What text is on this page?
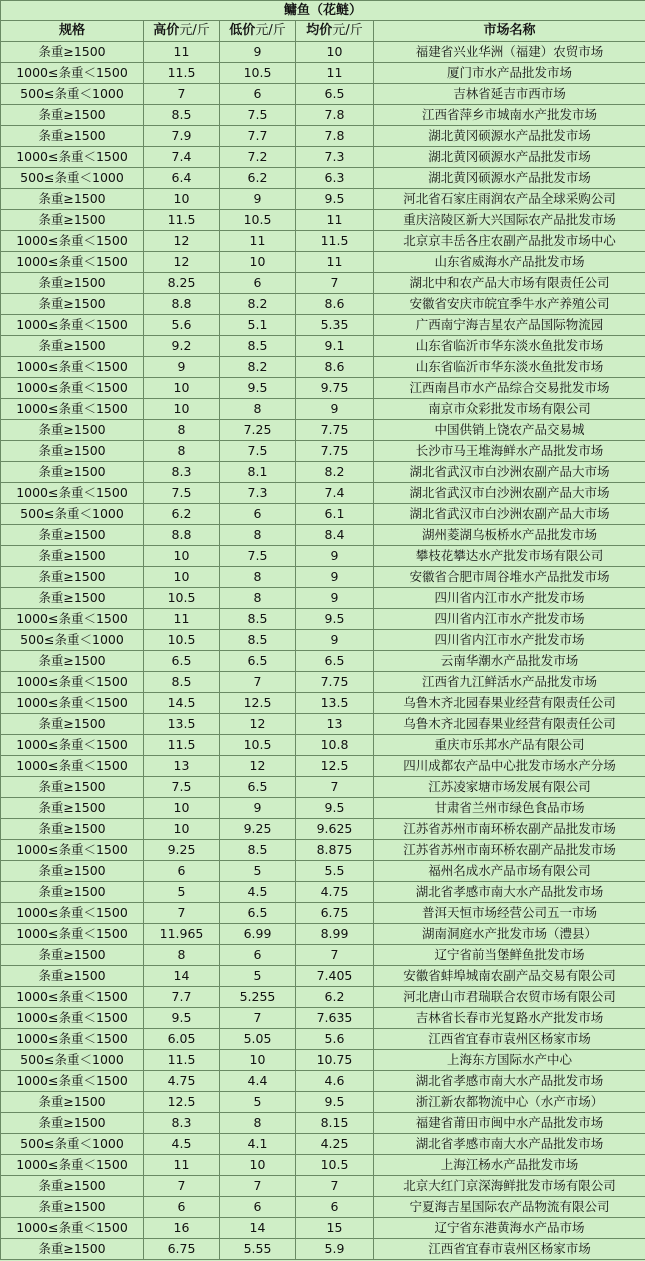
鳙鱼（花鲢）				
规格	高价元/斤	低价元/斤	均价元/斤	市场名称
条重≥1500	11	9	10	福建省兴业华洲（福建）农贸市场
1000≤条重＜1500	11.5	10.5	11	厦门市水产品批发市场
500≤条重＜1000	7	6	6.5	吉林省延吉市西市场
条重≥1500	8.5	7.5	7.8	江西省萍乡市城南水产批发市场
条重≥1500	7.9	7.7	7.8	湖北黄冈硕源水产品批发市场
1000≤条重＜1500	7.4	7.2	7.3	湖北黄冈硕源水产品批发市场
500≤条重＜1000	6.4	6.2	6.3	湖北黄冈硕源水产品批发市场
条重≥1500	10	9	9.5	河北省石家庄雨润农产品全球采购公司
条重≥1500	11.5	10.5	11	重庆涪陵区新大兴国际农产品批发市场
1000≤条重＜1500	12	11	11.5	北京京丰岳各庄农副产品批发市场中心
1000≤条重＜1500	12	10	11	山东省威海水产品批发市场
条重≥1500	8.25	6	7	湖北中和农产品大市场有限责任公司
条重≥1500	8.8	8.2	8.6	安徽省安庆市皖宜季牛水产养殖公司
1000≤条重＜1500	5.6	5.1	5.35	广西南宁海吉星农产品国际物流园
条重≥1500	9.2	8.5	9.1	山东省临沂市华东淡水鱼批发市场
1000≤条重＜1500	9	8.2	8.6	山东省临沂市华东淡水鱼批发市场
1000≤条重＜1500	10	9.5	9.75	江西南昌市水产品综合交易批发市场
1000≤条重＜1500	10	8	9	南京市众彩批发市场有限公司
条重≥1500	8	7.25	7.75	中国供销上饶农产品交易城
条重≥1500	8	7.5	7.75	长沙市马王堆海鲜水产品批发市场
条重≥1500	8.3	8.1	8.2	湖北省武汉市白沙洲农副产品大市场
1000≤条重＜1500	7.5	7.3	7.4	湖北省武汉市白沙洲农副产品大市场
500≤条重＜1000	6.2	6	6.1	湖北省武汉市白沙洲农副产品大市场
条重≥1500	8.8	8	8.4	湖州菱湖乌板桥水产品批发市场
条重≥1500	10	7.5	9	攀枝花攀达水产批发市场有限公司
条重≥1500	10	8	9	安徽省合肥市周谷堆水产品批发市场
条重≥1500	10.5	8	9	四川省内江市水产批发市场
1000≤条重＜1500	11	8.5	9.5	四川省内江市水产批发市场
500≤条重＜1000	10.5	8.5	9	四川省内江市水产批发市场
条重≥1500	6.5	6.5	6.5	云南华潮水产品批发市场
1000≤条重＜1500	8.5	7	7.75	江西省九江鲜活水产品批发市场
1000≤条重＜1500	14.5	12.5	13.5	乌鲁木齐北园春果业经营有限责任公司
条重≥1500	13.5	12	13	乌鲁木齐北园春果业经营有限责任公司
1000≤条重＜1500	11.5	10.5	10.8	重庆市乐邦水产品有限公司
1000≤条重＜1500	13	12	12.5	四川成都农产品中心批发市场水产分场
条重≥1500	7.5	6.5	7	江苏凌家塘市场发展有限公司
条重≥1500	10	9	9.5	甘肃省兰州市绿色食品市场
条重≥1500	10	9.25	9.625	江苏省苏州市南环桥农副产品批发市场
1000≤条重＜1500	9.25	8.5	8.875	江苏省苏州市南环桥农副产品批发市场
条重≥1500	6	5	5.5	福州名成水产品市场有限公司
条重≥1500	5	4.5	4.75	湖北省孝感市南大水产品批发市场
1000≤条重＜1500	7	6.5	6.75	普洱天恒市场经营公司五一市场
1000≤条重＜1500	11.965	6.99	8.99	湖南洞庭水产批发市场（澧县）
条重≥1500	8	6	7	辽宁省前当堡鲜鱼批发市场
条重≥1500	14	5	7.405	安徽省蚌埠城南农副产品交易有限公司
1000≤条重＜1500	7.7	5.255	6.2	河北唐山市君瑞联合农贸市场有限公司
1000≤条重＜1500	9.5	7	7.635	吉林省长春市光复路水产批发市场
1000≤条重＜1500	6.05	5.05	5.6	江西省宜春市袁州区杨家市场
500≤条重＜1000	11.5	10	10.75	上海东方国际水产中心
1000≤条重＜1500	4.75	4.4	4.6	湖北省孝感市南大水产品批发市场
条重≥1500	12.5	5	9.5	浙江新农都物流中心（水产市场）
条重≥1500	8.3	8	8.15	福建省莆田市闽中水产品批发市场
500≤条重＜1000	4.5	4.1	4.25	湖北省孝感市南大水产品批发市场
1000≤条重＜1500	11	10	10.5	上海江杨水产品批发市场
条重≥1500	7	7	7	北京大红门京深海鲜批发市场有限公司
条重≥1500	6	6	6	宁夏海吉星国际农产品物流有限公司
1000≤条重＜1500	16	14	15	辽宁省东港黄海水产品市场
条重≥1500	6.75	5.55	5.9	江西省宜春市袁州区杨家市场
